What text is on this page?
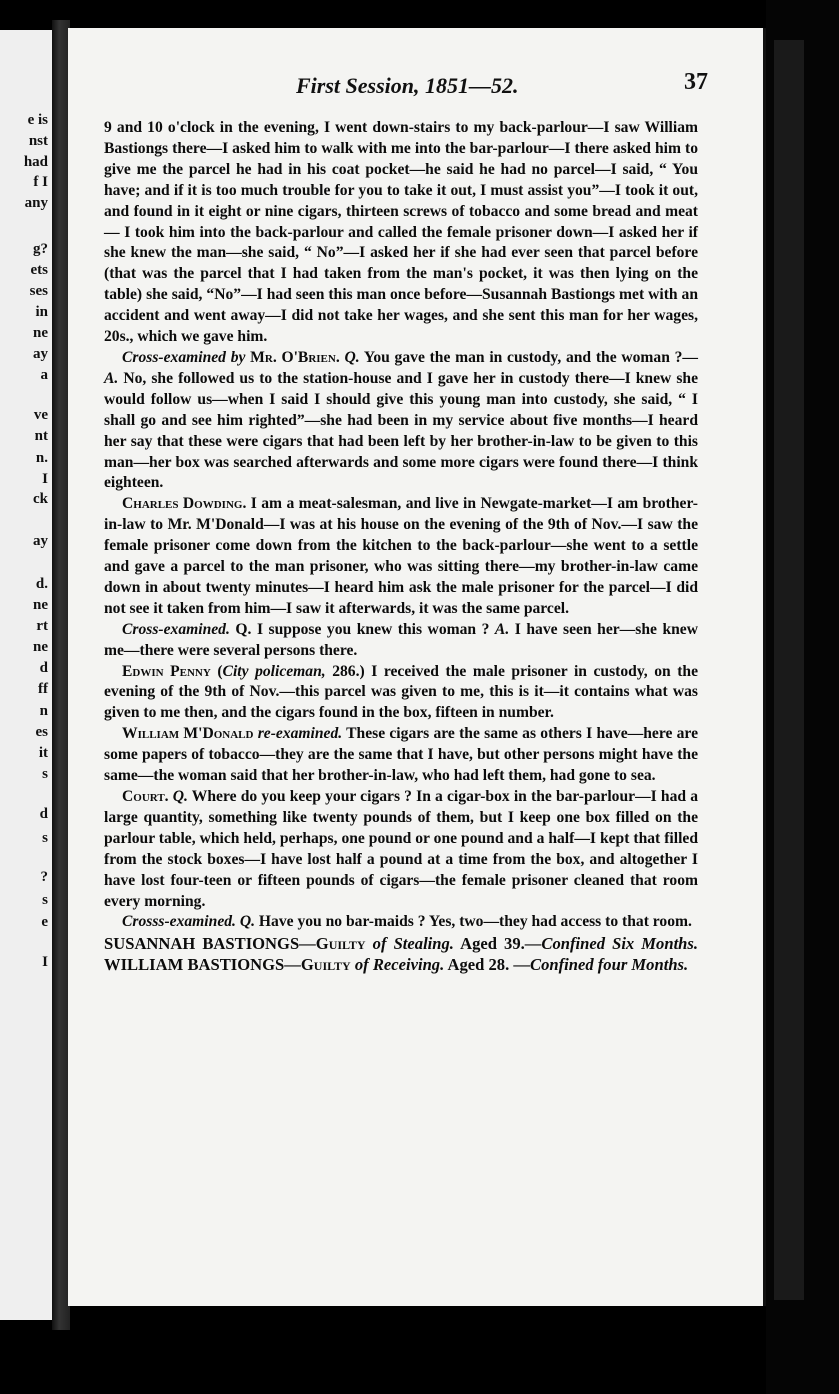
e is
nst
had
f I
any
g?
ets
ses
in
ne
ay
a
ve
nt
n.
I
ck
ay
d.
ne
rt
ne
d
ff
n
es
it
s
d
s
?
s
e
I
First Session, 1851—52.	37

9 and 10 o'clock in the evening, I went down-stairs to my back-parlour—I saw William Bastiongs there—I asked him to walk with me into the bar-parlour—I there asked him to give me the parcel he had in his coat pocket—he said he had no parcel—I said, “ You have; and if it is too much trouble for you to take it out, I must assist you”—I took it out, and found in it eight or nine cigars, thirteen screws of tobacco and some bread and meat — I took him into the back-parlour and called the female prisoner down—I asked her if she knew the man—she said, “ No”—I asked her if she had ever seen that parcel before (that was the parcel that I had taken from the man's pocket, it was then lying on the table) she said, “No”—I had seen this man once before—Susannah Bastiongs met with an accident and went away—I did not take her wages, and she sent this man for her wages, 20s., which we gave him.

Cross-examined by Mr. O'Brien. Q. You gave the man in custody, and the woman ?—A. No, she followed us to the station-house and I gave her in custody there—I knew she would follow us—when I said I should give this young man into custody, she said, “ I shall go and see him righted”—she had been in my service about five months—I heard her say that these were cigars that had been left by her brother-in-law to be given to this man—her box was searched afterwards and some more cigars were found there—I think eighteen.

Charles Dowding. I am a meat-salesman, and live in Newgate-market—I am brother-in-law to Mr. M'Donald—I was at his house on the evening of the 9th of Nov.—I saw the female prisoner come down from the kitchen to the back-parlour—she went to a settle and gave a parcel to the man prisoner, who was sitting there—my brother-in-law came down in about twenty minutes—I heard him ask the male prisoner for the parcel—I did not see it taken from him—I saw it afterwards, it was the same parcel.

Cross-examined. Q. I suppose you knew this woman ? A. I have seen her—she knew me—there were several persons there.

Edwin Penny (City policeman, 286.) I received the male prisoner in custody, on the evening of the 9th of Nov.—this parcel was given to me, this is it—it contains what was given to me then, and the cigars found in the box, fifteen in number.

William M'Donald re-examined. These cigars are the same as others I have—here are some papers of tobacco—they are the same that I have, but other persons might have the same—the woman said that her brother-in-law, who had left them, had gone to sea.

Court. Q. Where do you keep your cigars ? In a cigar-box in the bar-parlour—I had a large quantity, something like twenty pounds of them, but I keep one box filled on the parlour table, which held, perhaps, one pound or one pound and a half—I kept that filled from the stock boxes—I have lost half a pound at a time from the box, and altogether I have lost four-teen or fifteen pounds of cigars—the female prisoner cleaned that room every morning.

Crosss-examined. Q. Have you no bar-maids ? Yes, two—they had access to that room.

SUSANNAH BASTIONGS—Guilty of Stealing. Aged 39.—Confined Six Months. WILLIAM BASTIONGS—Guilty of Receiving. Aged 28. —Confined four Months.
